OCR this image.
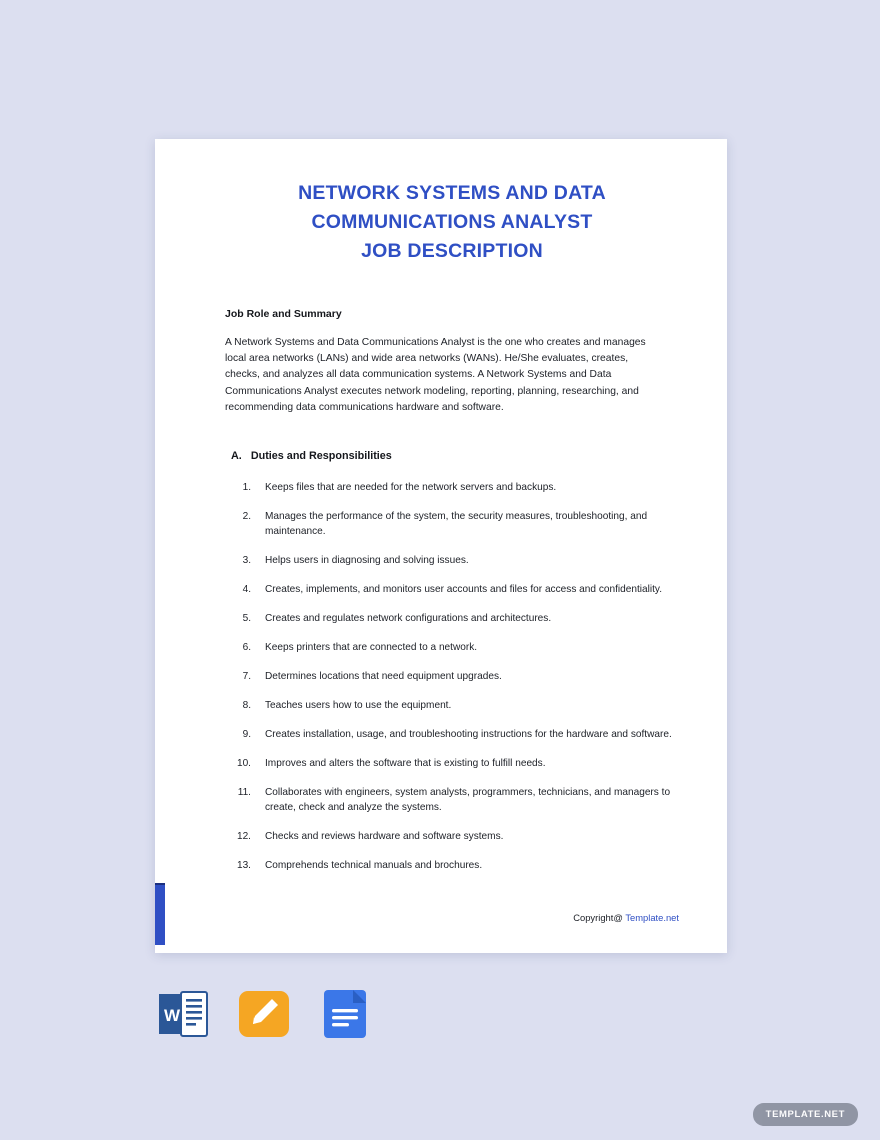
NETWORK SYSTEMS AND DATA
COMMUNICATIONS ANALYST
JOB DESCRIPTION
Job Role and Summary

A Network Systems and Data Communications Analyst is the one who creates and manages local area networks (LANs) and wide area networks (WANs). He/She evaluates, creates, checks, and analyzes all data communication systems. A Network Systems and Data Communications Analyst executes network modeling, reporting, planning, researching, and recommending data communications hardware and software.

A. Duties and Responsibilities
1. Keeps files that are needed for the network servers and backups.
2. Manages the performance of the system, the security measures, troubleshooting, and maintenance.
3. Helps users in diagnosing and solving issues.
4. Creates, implements, and monitors user accounts and files for access and confidentiality.
5. Creates and regulates network configurations and architectures.
6. Keeps printers that are connected to a network.
7. Determines locations that need equipment upgrades.
8. Teaches users how to use the equipment.
9. Creates installation, usage, and troubleshooting instructions for the hardware and software.
10. Improves and alters the software that is existing to fulfill needs.
11. Collaborates with engineers, system analysts, programmers, technicians, and managers to create, check and analyze the systems.
12. Checks and reviews hardware and software systems.
13. Comprehends technical manuals and brochures.
Copyright@ Template.net
W
TEMPLATE.NET
